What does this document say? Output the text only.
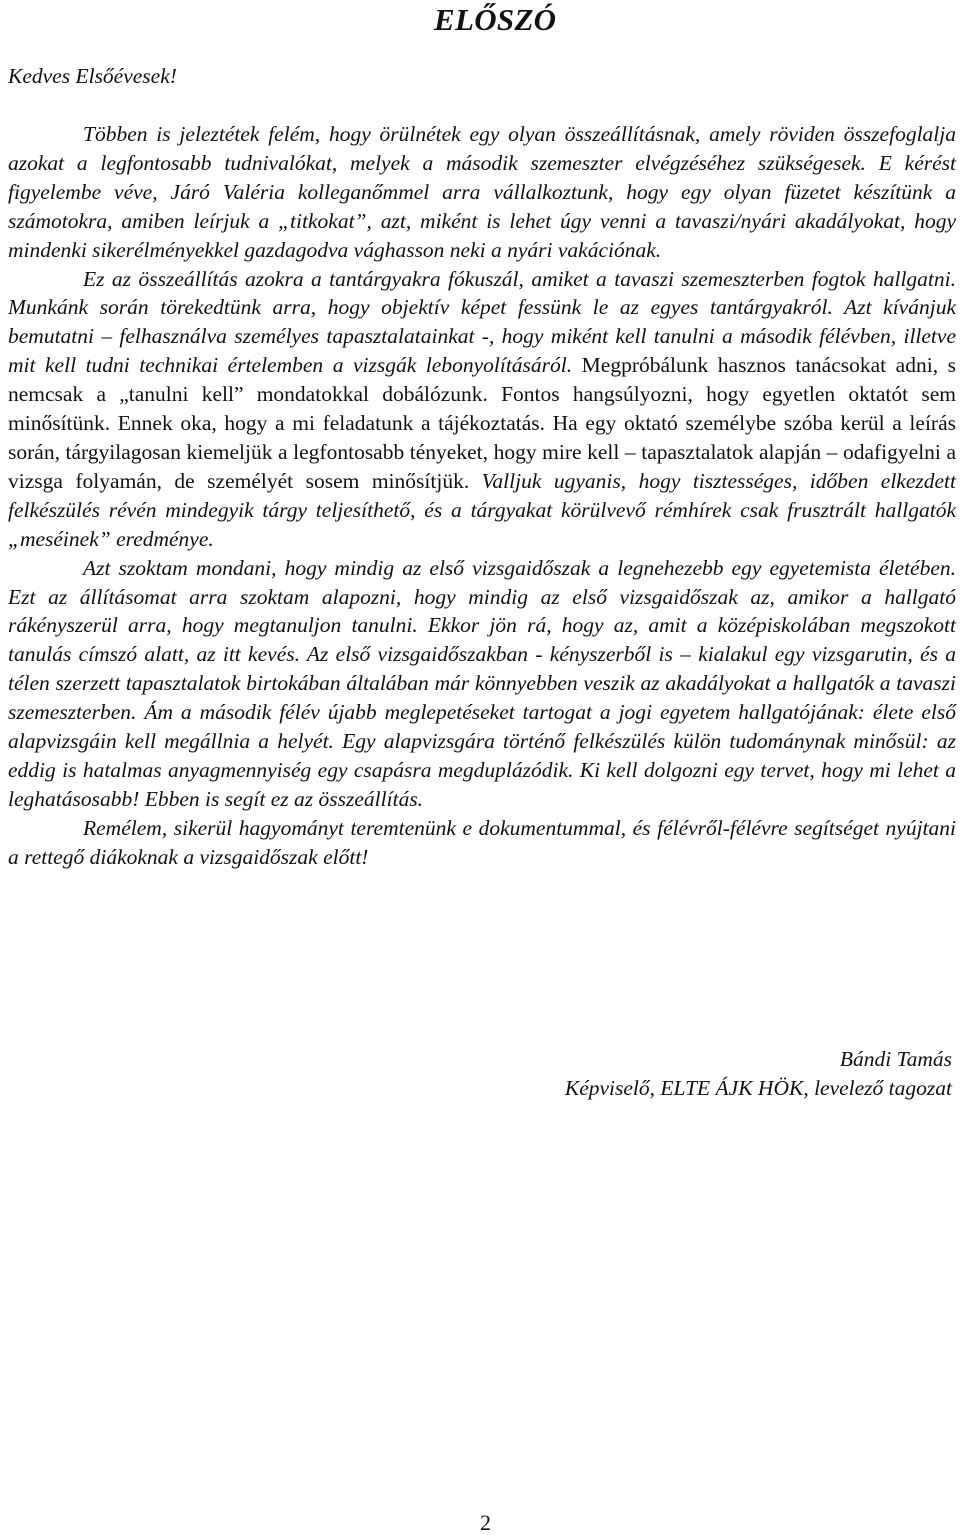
ELŐSZÓ

Kedves Elsőévesek!

Többen is jeleztétek felém, hogy örülnétek egy olyan összeállításnak, amely röviden összefoglalja azokat a legfontosabb tudnivalókat, melyek a második szemeszter elvégzéséhez szükségesek. E kérést figyelembe véve, Járó Valéria kolleganőmmel arra vállalkoztunk, hogy egy olyan füzetet készítünk a számotokra, amiben leírjuk a „titkokat”, azt, miként is lehet úgy venni a tavaszi/nyári akadályokat, hogy mindenki sikerélményekkel gazdagodva vághasson neki a nyári vakációnak.

Ez az összeállítás azokra a tantárgyakra fókuszál, amiket a tavaszi szemeszterben fogtok hallgatni. Munkánk során törekedtünk arra, hogy objektív képet fessünk le az egyes tantárgyakról. Azt kívánjuk bemutatni – felhasználva személyes tapasztalatainkat -, hogy miként kell tanulni a második félévben, illetve mit kell tudni technikai értelemben a vizsgák lebonyolításáról. Megpróbálunk hasznos tanácsokat adni, s nemcsak a „tanulni kell” mondatokkal dobálózunk. Fontos hangsúlyozni, hogy egyetlen oktatót sem minősítünk. Ennek oka, hogy a mi feladatunk a tájékoztatás. Ha egy oktató személybe szóba kerül a leírás során, tárgyilagosan kiemeljük a legfontosabb tényeket, hogy mire kell – tapasztalatok alapján – odafigyelni a vizsga folyamán, de személyét sosem minősítjük. Valljuk ugyanis, hogy tisztességes, időben elkezdett felkészülés révén mindegyik tárgy teljesíthető, és a tárgyakat körülvevő rémhírek csak frusztrált hallgatók „meséinek” eredménye.

Azt szoktam mondani, hogy mindig az első vizsgaidőszak a legnehezebb egy egyetemista életében. Ezt az állításomat arra szoktam alapozni, hogy mindig az első vizsgaidőszak az, amikor a hallgató rákényszerül arra, hogy megtanuljon tanulni. Ekkor jön rá, hogy az, amit a középiskolában megszokott tanulás címszó alatt, az itt kevés. Az első vizsgaidőszakban - kényszerből is – kialakul egy vizsgarutin, és a télen szerzett tapasztalatok birtokában általában már könnyebben veszik az akadályokat a hallgatók a tavaszi szemeszterben. Ám a második félév újabb meglepetéseket tartogat a jogi egyetem hallgatójának: élete első alapvizsgáin kell megállnia a helyét. Egy alapvizsgára történő felkészülés külön tudománynak minősül: az eddig is hatalmas anyagmennyiség egy csapásra megduplázódik. Ki kell dolgozni egy tervet, hogy mi lehet a leghatásosabb! Ebben is segít ez az összeállítás.

Remélem, sikerül hagyományt teremtenünk e dokumentummal, és félévről-félévre segítséget nyújtani a rettegő diákoknak a vizsgaidőszak előtt!

Bándi Tamás
Képviselő, ELTE ÁJK HÖK, levelező tagozat
2
